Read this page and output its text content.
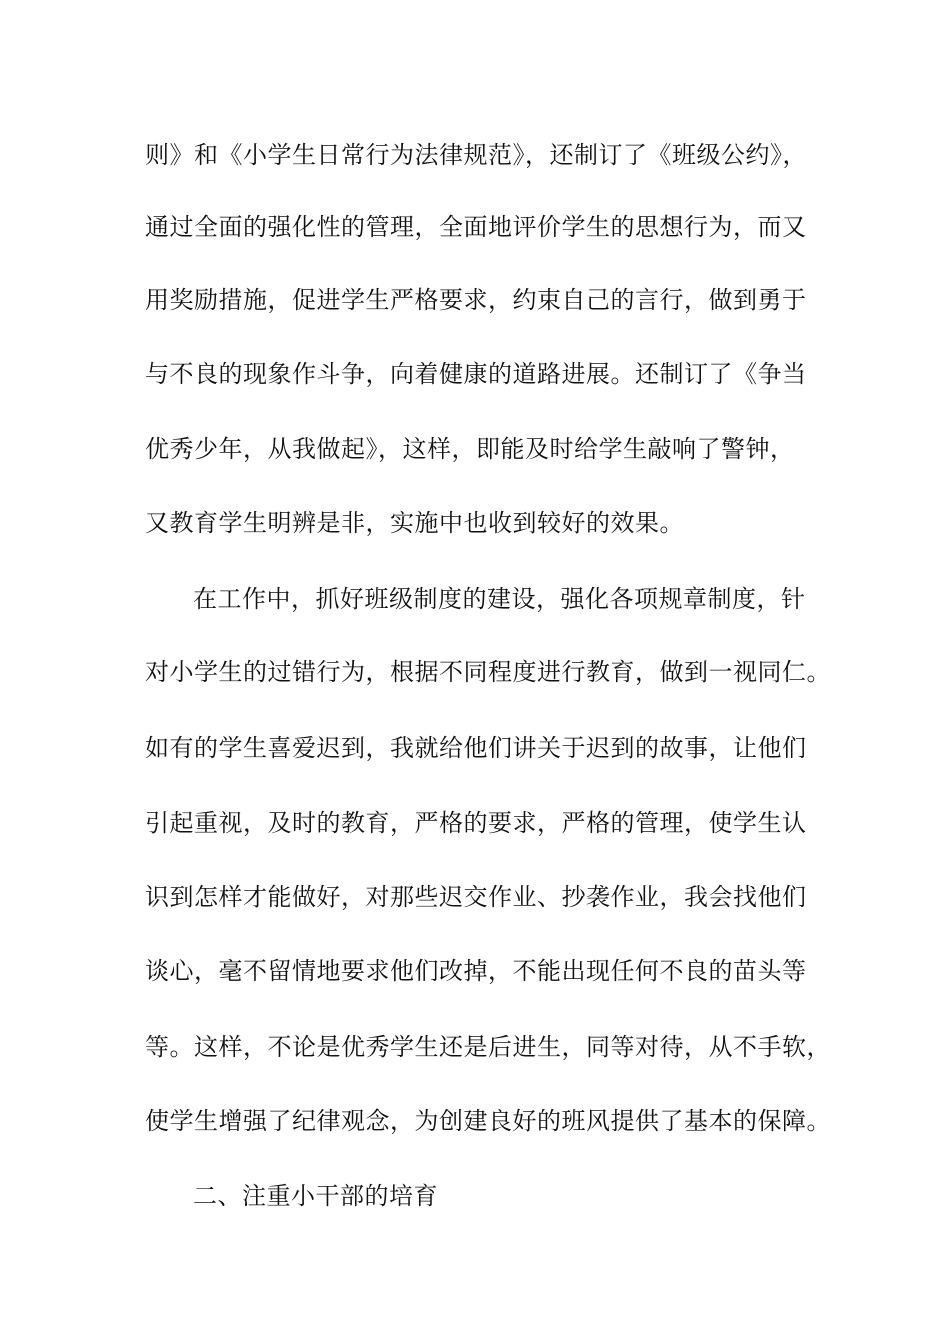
则》和《小学生日常行为法律规范》，还制订了《班级公约》，
通过全面的强化性的管理，全面地评价学生的思想行为，而又
用奖励措施，促进学生严格要求，约束自己的言行，做到勇于
与不良的现象作斗争，向着健康的道路进展。还制订了《争当
优秀少年，从我做起》，这样，即能及时给学生敲响了警钟，
又教育学生明辨是非，实施中也收到较好的效果。
在工作中，抓好班级制度的建设，强化各项规章制度，针
对小学生的过错行为，根据不同程度进行教育，做到一视同仁。
如有的学生喜爱迟到，我就给他们讲关于迟到的故事，让他们
引起重视，及时的教育，严格的要求，严格的管理，使学生认
识到怎样才能做好，对那些迟交作业、抄袭作业，我会找他们
谈心，毫不留情地要求他们改掉，不能出现任何不良的苗头等
等。这样，不论是优秀学生还是后进生，同等对待，从不手软，
使学生增强了纪律观念，为创建良好的班风提供了基本的保障。
二、注重小干部的培育
